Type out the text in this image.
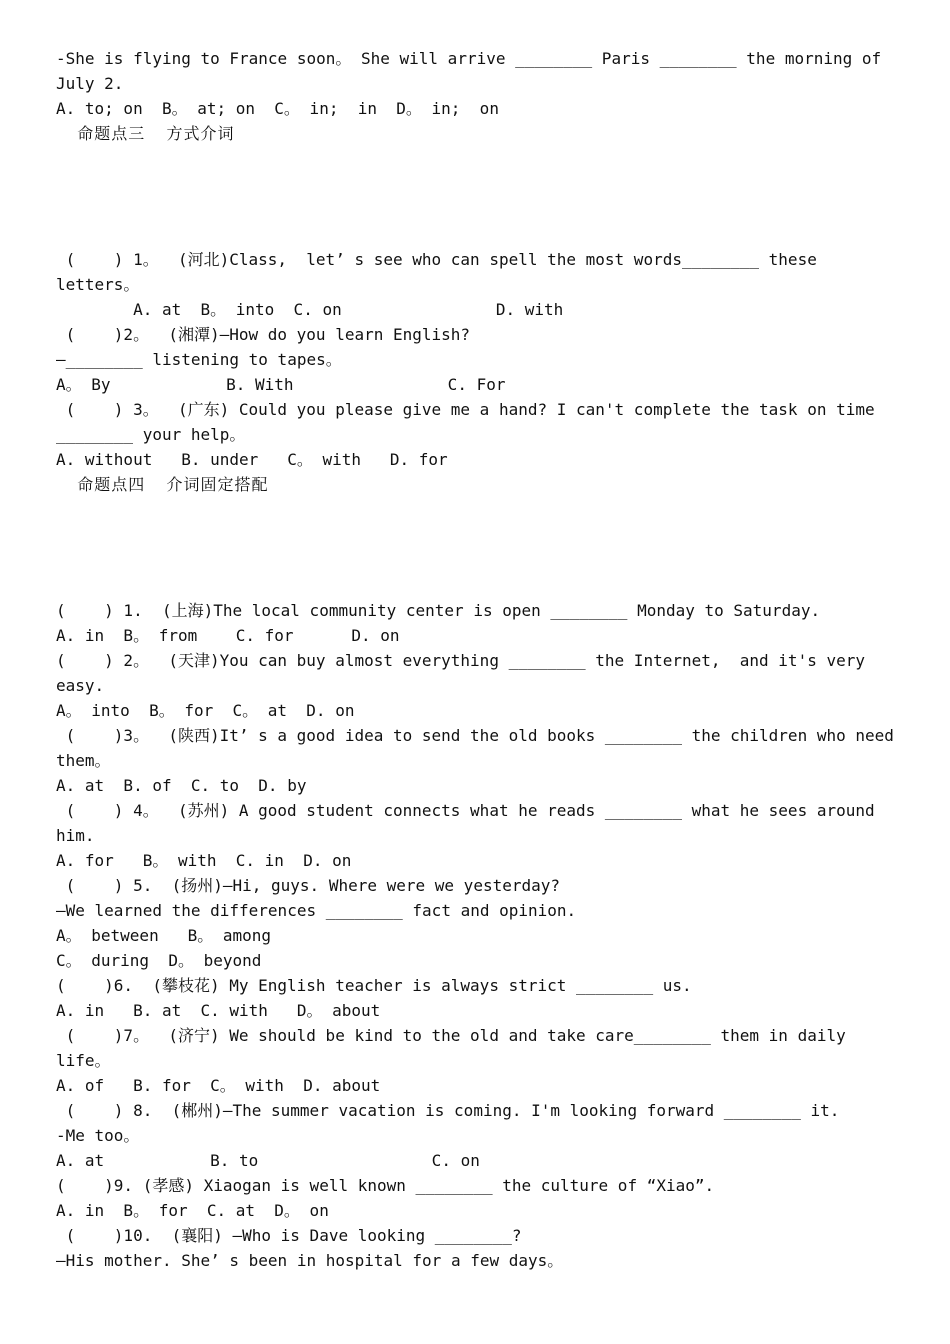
-She is flying to France soon。 She will arrive ________ Paris ________ the morning of
July 2.
A. to; on  B。 at; on  C。 in;  in  D。 in;  on
命题点三  方式介词
(    ) 1。  (河北)Class,  let’ s see who can spell the most words________ these
letters。
A. at  B。 into  C. on                D. with
(    )2。  (湘潭)—How do you learn English?
—________ listening to tapes。
A。 By            B. With                C. For
(    ) 3。  (广东) Could you please give me a hand? I can't complete the task on time
________ your help。
A. without   B. under   C。 with   D. for
命题点四  介词固定搭配
(    ) 1.  (上海)The local community center is open ________ Monday to Saturday.
A. in  B。 from    C. for      D. on
(    ) 2。  (天津)You can buy almost everything ________ the Internet,  and it's very
easy.
A。 into  B。 for  C。 at  D. on
(    )3。  (陕西)It’ s a good idea to send the old books ________ the children who need
them。
A. at  B. of  C. to  D. by
(    ) 4。  (苏州) A good student connects what he reads ________ what he sees around
him.
A. for   B。 with  C. in  D. on
(    ) 5.  (扬州)—Hi, guys. Where were we yesterday?
—We learned the differences ________ fact and opinion.
A。 between   B。 among
C。 during  D。 beyond
(    )6.  (攀枝花) My English teacher is always strict ________ us.
A. in   B. at  C. with   D。 about
(    )7。  (济宁) We should be kind to the old and take care________ them in daily
life。
A. of   B. for  C。 with  D. about
(    ) 8.  (郴州)—The summer vacation is coming. I'm looking forward ________ it.
-Me too。
A. at           B. to                  C. on
(    )9. (孝感) Xiaogan is well known ________ the culture of “Xiao”.
A. in  B。 for  C. at  D。 on
(    )10.  (襄阳) —Who is Dave looking ________?
—His mother. She’ s been in hospital for a few days。
